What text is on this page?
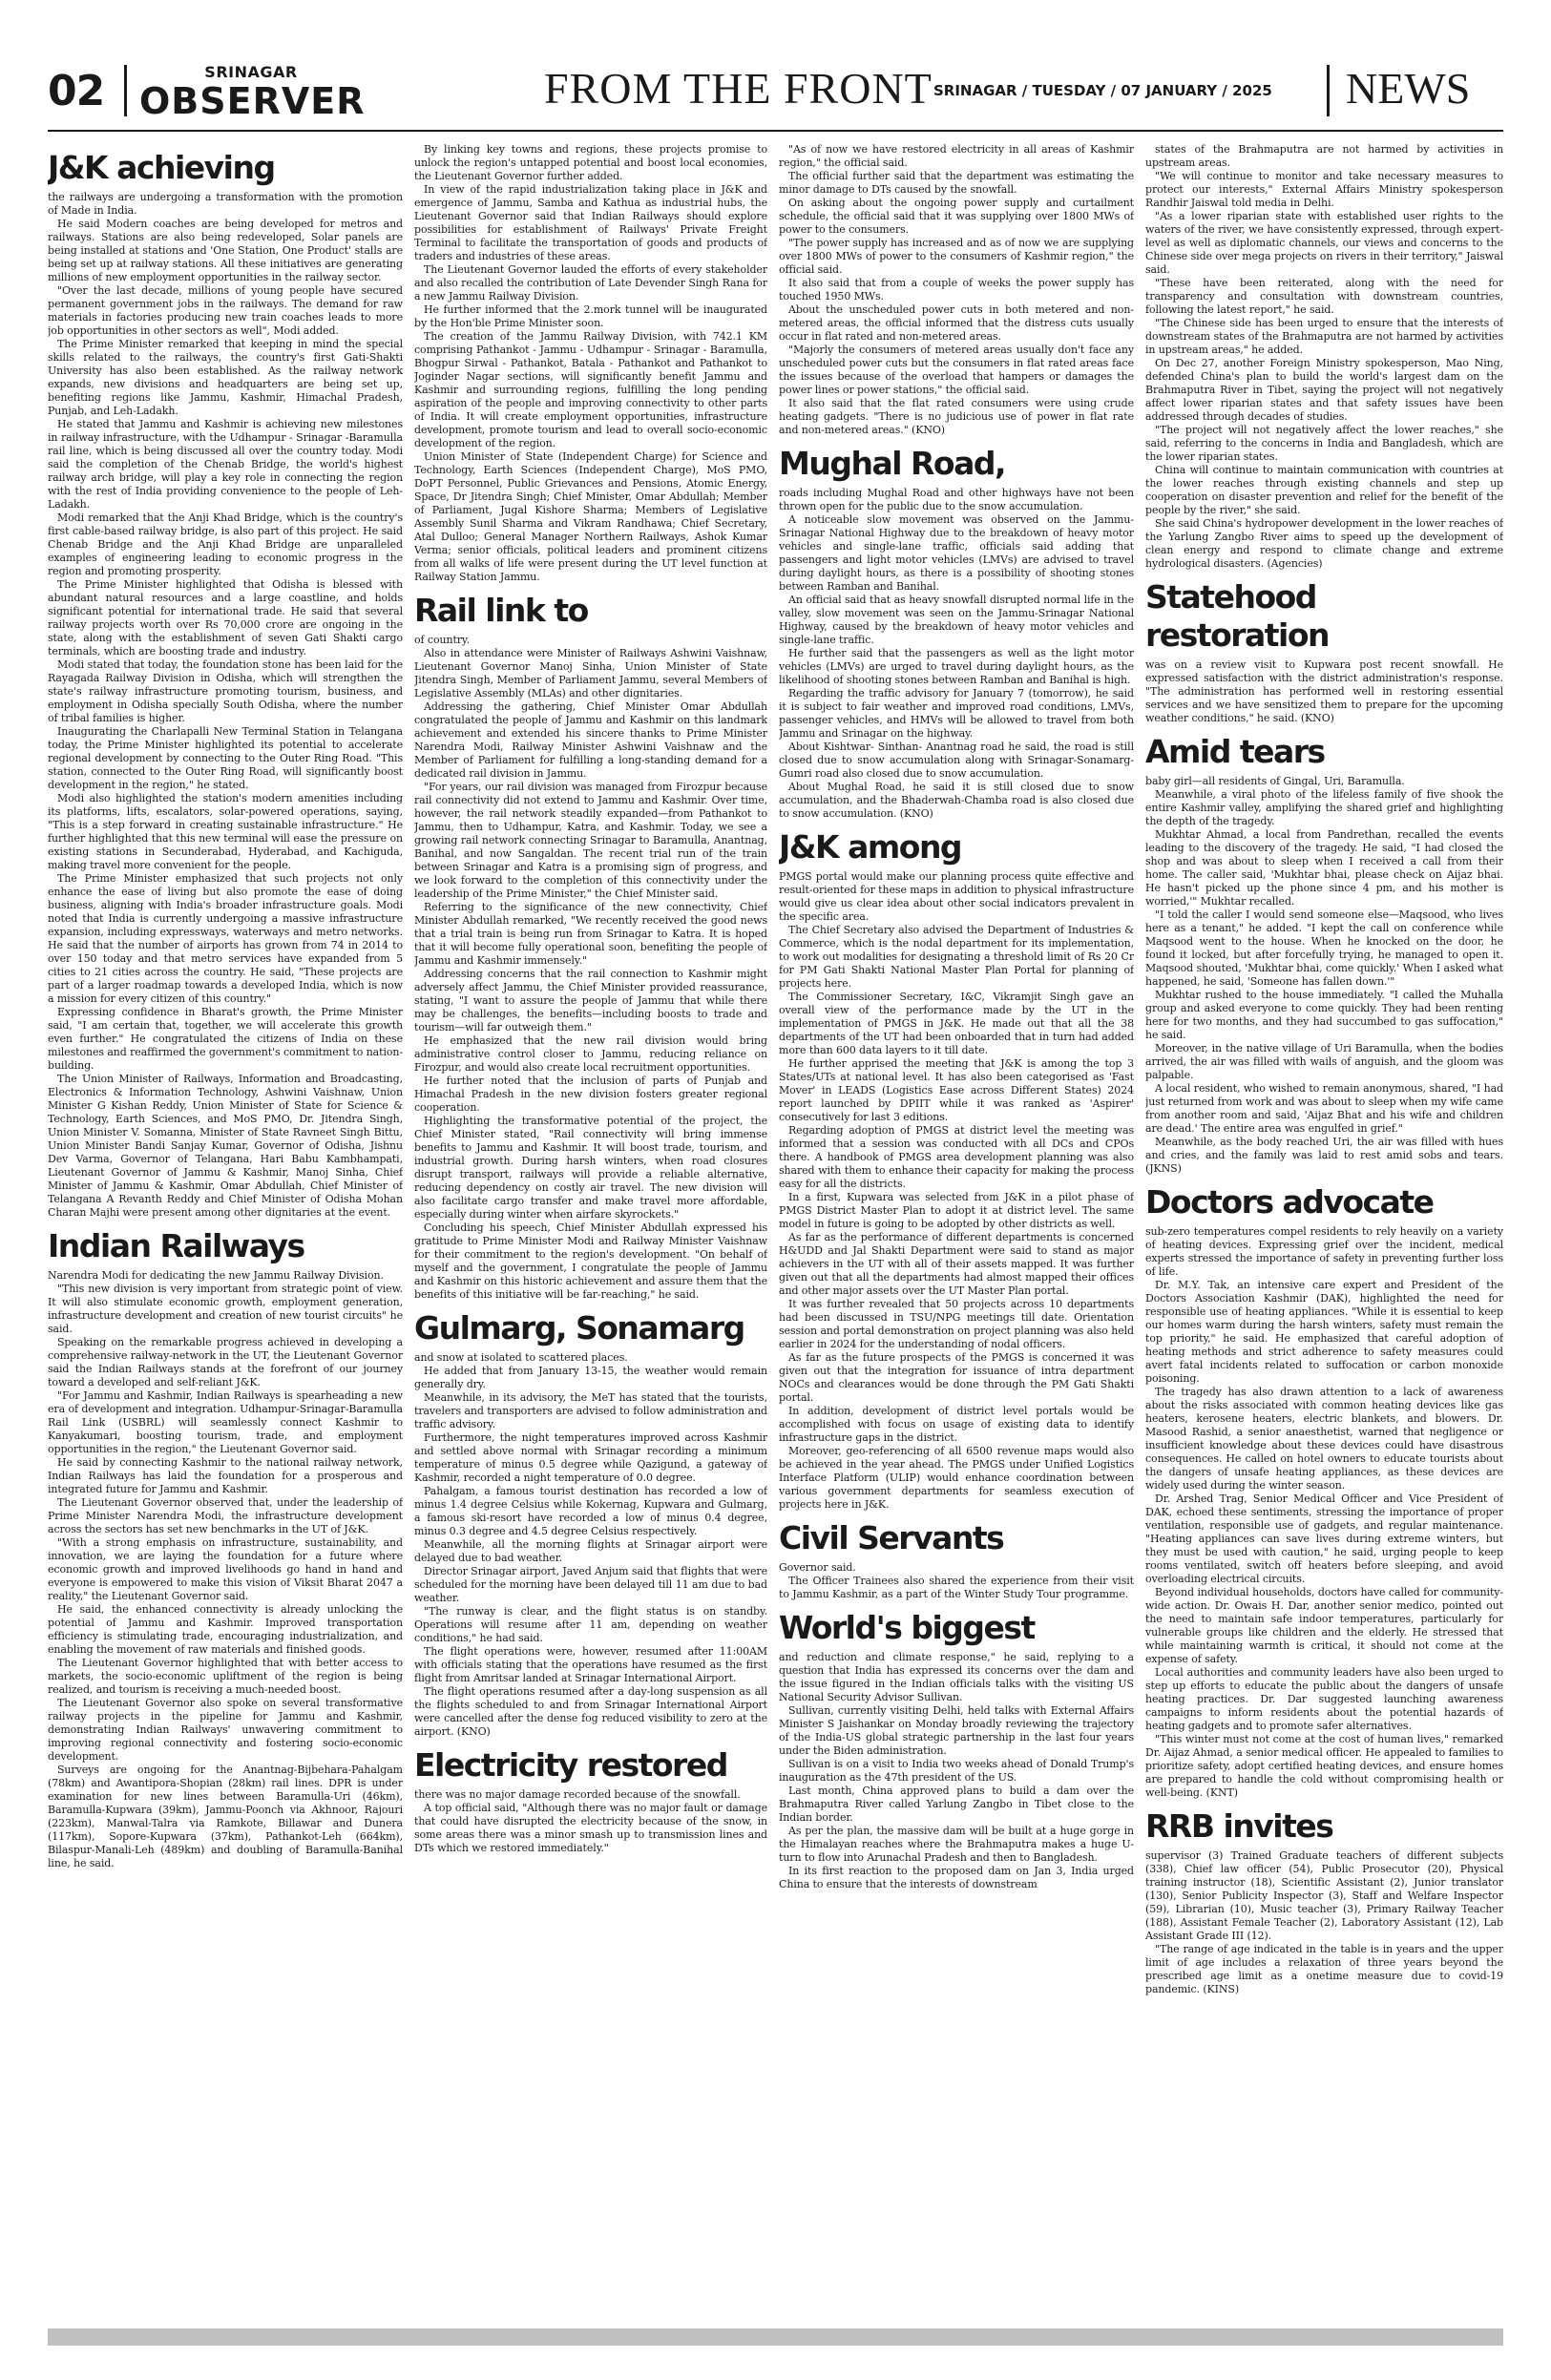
02	SRINAGAR
OBSERVER	FROM THE FRONT SRINAGAR / TUESDAY / 07 JANUARY / 2025 NEWS
J&K achieving

the railways are undergoing a transformation with the promotion of Made in India.

He said Modern coaches are being developed for metros and railways. Stations are also being redeveloped, Solar panels are being installed at stations and 'One Station, One Product' stalls are being set up at railway stations. All these initiatives are generating millions of new employment opportunities in the railway sector.

"Over the last decade, millions of young people have secured permanent government jobs in the railways. The demand for raw materials in factories producing new train coaches leads to more job opportunities in other sectors as well", Modi added.

The Prime Minister remarked that keeping in mind the special skills related to the railways, the country's first Gati-Shakti University has also been established. As the railway network expands, new divisions and headquarters are being set up, benefiting regions like Jammu, Kashmir, Himachal Pradesh, Punjab, and Leh-Ladakh.

He stated that Jammu and Kashmir is achieving new milestones in railway infrastructure, with the Udhampur - Srinagar -Baramulla rail line, which is being discussed all over the country today. Modi said the completion of the Chenab Bridge, the world's highest railway arch bridge, will play a key role in connecting the region with the rest of India providing convenience to the people of Leh-Ladakh.

Modi remarked that the Anji Khad Bridge, which is the country's first cable-based railway bridge, is also part of this project. He said Chenab Bridge and the Anji Khad Bridge are unparalleled examples of engineering leading to economic progress in the region and promoting prosperity.

The Prime Minister highlighted that Odisha is blessed with abundant natural resources and a large coastline, and holds significant potential for international trade. He said that several railway projects worth over Rs 70,000 crore are ongoing in the state, along with the establishment of seven Gati Shakti cargo terminals, which are boosting trade and industry.

Modi stated that today, the foundation stone has been laid for the Rayagada Railway Division in Odisha, which will strengthen the state's railway infrastructure promoting tourism, business, and employment in Odisha specially South Odisha, where the number of tribal families is higher.

Inaugurating the Charlapalli New Terminal Station in Telangana today, the Prime Minister highlighted its potential to accelerate regional development by connecting to the Outer Ring Road. "This station, connected to the Outer Ring Road, will significantly boost development in the region," he stated.

Modi also highlighted the station's modern amenities including its platforms, lifts, escalators, solar-powered operations, saying, "This is a step forward in creating sustainable infrastructure." He further highlighted that this new terminal will ease the pressure on existing stations in Secunderabad, Hyderabad, and Kachiguda, making travel more convenient for the people.

The Prime Minister emphasized that such projects not only enhance the ease of living but also promote the ease of doing business, aligning with India's broader infrastructure goals. Modi noted that India is currently undergoing a massive infrastructure expansion, including expressways, waterways and metro networks. He said that the number of airports has grown from 74 in 2014 to over 150 today and that metro services have expanded from 5 cities to 21 cities across the country. He said, "These projects are part of a larger roadmap towards a developed India, which is now a mission for every citizen of this country."

Expressing confidence in Bharat's growth, the Prime Minister said, "I am certain that, together, we will accelerate this growth even further." He congratulated the citizens of India on these milestones and reaffirmed the government's commitment to nation-building.

The Union Minister of Railways, Information and Broadcasting, Electronics & Information Technology, Ashwini Vaishnaw, Union Minister G Kishan Reddy, Union Minister of State for Science & Technology, Earth Sciences, and MoS PMO, Dr. Jitendra Singh, Union Minister V. Somanna, Minister of State Ravneet Singh Bittu, Union Minister Bandi Sanjay Kumar, Governor of Odisha, Jishnu Dev Varma, Governor of Telangana, Hari Babu Kambhampati, Lieutenant Governor of Jammu & Kashmir, Manoj Sinha, Chief Minister of Jammu & Kashmir, Omar Abdullah, Chief Minister of Telangana A Revanth Reddy and Chief Minister of Odisha Mohan Charan Majhi were present among other dignitaries at the event.

Indian Railways

Narendra Modi for dedicating the new Jammu Railway Division.

"This new division is very important from strategic point of view. It will also stimulate economic growth, employment generation, infrastructure development and creation of new tourist circuits" he said.

Speaking on the remarkable progress achieved in developing a comprehensive railway-network in the UT, the Lieutenant Governor said the Indian Railways stands at the forefront of our journey toward a developed and self-reliant J&K.

"For Jammu and Kashmir, Indian Railways is spearheading a new era of development and integration. Udhampur-Srinagar-Baramulla Rail Link (USBRL) will seamlessly connect Kashmir to Kanyakumari, boosting tourism, trade, and employment opportunities in the region," the Lieutenant Governor said.

He said by connecting Kashmir to the national railway network, Indian Railways has laid the foundation for a prosperous and integrated future for Jammu and Kashmir.

The Lieutenant Governor observed that, under the leadership of Prime Minister Narendra Modi, the infrastructure development across the sectors has set new benchmarks in the UT of J&K.

"With a strong emphasis on infrastructure, sustainability, and innovation, we are laying the foundation for a future where economic growth and improved livelihoods go hand in hand and everyone is empowered to make this vision of Viksit Bharat 2047 a reality," the Lieutenant Governor said.

He said, the enhanced connectivity is already unlocking the potential of Jammu and Kashmir. Improved transportation efficiency is stimulating trade, encouraging industrialization, and enabling the movement of raw materials and finished goods.

The Lieutenant Governor highlighted that with better access to markets, the socio-economic upliftment of the region is being realized, and tourism is receiving a much-needed boost.

The Lieutenant Governor also spoke on several transformative railway projects in the pipeline for Jammu and Kashmir, demonstrating Indian Railways' unwavering commitment to improving regional connectivity and fostering socio-economic development.

Surveys are ongoing for the Anantnag-Bijbehara-Pahalgam (78km) and Awantipora-Shopian (28km) rail lines. DPR is under examination for new lines between Baramulla-Uri (46km), Baramulla-Kupwara (39km), Jammu-Poonch via Akhnoor, Rajouri (223km), Manwal-Talra via Ramkote, Billawar and Dunera (117km), Sopore-Kupwara (37km), Pathankot-Leh (664km), Bilaspur-Manali-Leh (489km) and doubling of Baramulla-Banihal line, he said.

By linking key towns and regions, these projects promise to unlock the region's untapped potential and boost local economies, the Lieutenant Governor further added.

In view of the rapid industrialization taking place in J&K and emergence of Jammu, Samba and Kathua as industrial hubs, the Lieutenant Governor said that Indian Railways should explore possibilities for establishment of Railways' Private Freight Terminal to facilitate the transportation of goods and products of traders and industries of these areas.

The Lieutenant Governor lauded the efforts of every stakeholder and also recalled the contribution of Late Devender Singh Rana for a new Jammu Railway Division.

He further informed that the 2.mork tunnel will be inaugurated by the Hon'ble Prime Minister soon.

The creation of the Jammu Railway Division, with 742.1 KM comprising Pathankot - Jammu - Udhampur - Srinagar - Baramulla, Bhogpur Sirwal - Pathankot, Batala - Pathankot and Pathankot to Joginder Nagar sections, will significantly benefit Jammu and Kashmir and surrounding regions, fulfilling the long pending aspiration of the people and improving connectivity to other parts of India. It will create employment opportunities, infrastructure development, promote tourism and lead to overall socio-economic development of the region.

Union Minister of State (Independent Charge) for Science and Technology, Earth Sciences (Independent Charge), MoS PMO, DoPT Personnel, Public Grievances and Pensions, Atomic Energy, Space, Dr Jitendra Singh; Chief Minister, Omar Abdullah; Member of Parliament, Jugal Kishore Sharma; Members of Legislative Assembly Sunil Sharma and Vikram Randhawa; Chief Secretary, Atal Dulloo; General Manager Northern Railways, Ashok Kumar Verma; senior officials, political leaders and prominent citizens from all walks of life were present during the UT level function at Railway Station Jammu.

Rail link to

of country.

Also in attendance were Minister of Railways Ashwini Vaishnaw, Lieutenant Governor Manoj Sinha, Union Minister of State Jitendra Singh, Member of Parliament Jammu, several Members of Legislative Assembly (MLAs) and other dignitaries.

Addressing the gathering, Chief Minister Omar Abdullah congratulated the people of Jammu and Kashmir on this landmark achievement and extended his sincere thanks to Prime Minister Narendra Modi, Railway Minister Ashwini Vaishnaw and the Member of Parliament for fulfilling a long-standing demand for a dedicated rail division in Jammu.

"For years, our rail division was managed from Firozpur because rail connectivity did not extend to Jammu and Kashmir. Over time, however, the rail network steadily expanded—from Pathankot to Jammu, then to Udhampur, Katra, and Kashmir. Today, we see a growing rail network connecting Srinagar to Baramulla, Anantnag, Banihal, and now Sangaldan. The recent trial run of the train between Srinagar and Katra is a promising sign of progress, and we look forward to the completion of this connectivity under the leadership of the Prime Minister," the Chief Minister said.

Referring to the significance of the new connectivity, Chief Minister Abdullah remarked, "We recently received the good news that a trial train is being run from Srinagar to Katra. It is hoped that it will become fully operational soon, benefiting the people of Jammu and Kashmir immensely."

Addressing concerns that the rail connection to Kashmir might adversely affect Jammu, the Chief Minister provided reassurance, stating, "I want to assure the people of Jammu that while there may be challenges, the benefits—including boosts to trade and tourism—will far outweigh them."

He emphasized that the new rail division would bring administrative control closer to Jammu, reducing reliance on Firozpur, and would also create local recruitment opportunities.

He further noted that the inclusion of parts of Punjab and Himachal Pradesh in the new division fosters greater regional cooperation.

Highlighting the transformative potential of the project, the Chief Minister stated, "Rail connectivity will bring immense benefits to Jammu and Kashmir. It will boost trade, tourism, and industrial growth. During harsh winters, when road closures disrupt transport, railways will provide a reliable alternative, reducing dependency on costly air travel. The new division will also facilitate cargo transfer and make travel more affordable, especially during winter when airfare skyrockets."

Concluding his speech, Chief Minister Abdullah expressed his gratitude to Prime Minister Modi and Railway Minister Vaishnaw for their commitment to the region's development. "On behalf of myself and the government, I congratulate the people of Jammu and Kashmir on this historic achievement and assure them that the benefits of this initiative will be far-reaching," he said.

Gulmarg, Sonamarg

and snow at isolated to scattered places.

He added that from January 13-15, the weather would remain generally dry.

Meanwhile, in its advisory, the MeT has stated that the tourists, travelers and transporters are advised to follow administration and traffic advisory.

Furthermore, the night temperatures improved across Kashmir and settled above normal with Srinagar recording a minimum temperature of minus 0.5 degree while Qazigund, a gateway of Kashmir, recorded a night temperature of 0.0 degree.

Pahalgam, a famous tourist destination has recorded a low of minus 1.4 degree Celsius while Kokernag, Kupwara and Gulmarg, a famous ski-resort have recorded a low of minus 0.4 degree, minus 0.3 degree and 4.5 degree Celsius respectively.

Meanwhile, all the morning flights at Srinagar airport were delayed due to bad weather.

Director Srinagar airport, Javed Anjum said that flights that were scheduled for the morning have been delayed till 11 am due to bad weather.

"The runway is clear, and the flight status is on standby. Operations will resume after 11 am, depending on weather conditions," he had said.

The flight operations were, however, resumed after 11:00AM with officials stating that the operations have resumed as the first flight from Amritsar landed at Srinagar International Airport.

The flight operations resumed after a day-long suspension as all the flights scheduled to and from Srinagar International Airport were cancelled after the dense fog reduced visibility to zero at the airport. (KNO)

Electricity restored

there was no major damage recorded because of the snowfall.

A top official said, "Although there was no major fault or damage that could have disrupted the electricity because of the snow, in some areas there was a minor smash up to transmission lines and DTs which we restored immediately."

"As of now we have restored electricity in all areas of Kashmir region," the official said.

The official further said that the department was estimating the minor damage to DTs caused by the snowfall.

On asking about the ongoing power supply and curtailment schedule, the official said that it was supplying over 1800 MWs of power to the consumers.

"The power supply has increased and as of now we are supplying over 1800 MWs of power to the consumers of Kashmir region," the official said.

It also said that from a couple of weeks the power supply has touched 1950 MWs.

About the unscheduled power cuts in both metered and non-metered areas, the official informed that the distress cuts usually occur in flat rated and non-metered areas.

"Majorly the consumers of metered areas usually don't face any unscheduled power cuts but the consumers in flat rated areas face the issues because of the overload that hampers or damages the power lines or power stations," the official said.

It also said that the flat rated consumers were using crude heating gadgets. "There is no judicious use of power in flat rate and non-metered areas." (KNO)

Mughal Road,

roads including Mughal Road and other highways have not been thrown open for the public due to the snow accumulation.

A noticeable slow movement was observed on the Jammu-Srinagar National Highway due to the breakdown of heavy motor vehicles and single-lane traffic, officials said adding that passengers and light motor vehicles (LMVs) are advised to travel during daylight hours, as there is a possibility of shooting stones between Ramban and Banihal.

An official said that as heavy snowfall disrupted normal life in the valley, slow movement was seen on the Jammu-Srinagar National Highway, caused by the breakdown of heavy motor vehicles and single-lane traffic.

He further said that the passengers as well as the light motor vehicles (LMVs) are urged to travel during daylight hours, as the likelihood of shooting stones between Ramban and Banihal is high.

Regarding the traffic advisory for January 7 (tomorrow), he said it is subject to fair weather and improved road conditions, LMVs, passenger vehicles, and HMVs will be allowed to travel from both Jammu and Srinagar on the highway.

About Kishtwar- Sinthan- Anantnag road he said, the road is still closed due to snow accumulation along with Srinagar-Sonamarg-Gumri road also closed due to snow accumulation.

About Mughal Road, he said it is still closed due to snow accumulation, and the Bhaderwah-Chamba road is also closed due to snow accumulation. (KNO)

J&K among

PMGS portal would make our planning process quite effective and result-oriented for these maps in addition to physical infrastructure would give us clear idea about other social indicators prevalent in the specific area.

The Chief Secretary also advised the Department of Industries & Commerce, which is the nodal department for its implementation, to work out modalities for designating a threshold limit of Rs 20 Cr for PM Gati Shakti National Master Plan Portal for planning of projects here.

The Commissioner Secretary, I&C, Vikramjit Singh gave an overall view of the performance made by the UT in the implementation of PMGS in J&K. He made out that all the 38 departments of the UT had been onboarded that in turn had added more than 600 data layers to it till date.

He further apprised the meeting that J&K is among the top 3 States/UTs at national level. It has also been categorised as 'Fast Mover' in LEADS (Logistics Ease across Different States) 2024 report launched by DPIIT while it was ranked as 'Aspirer' consecutively for last 3 editions.

Regarding adoption of PMGS at district level the meeting was informed that a session was conducted with all DCs and CPOs there. A handbook of PMGS area development planning was also shared with them to enhance their capacity for making the process easy for all the districts.

In a first, Kupwara was selected from J&K in a pilot phase of PMGS District Master Plan to adopt it at district level. The same model in future is going to be adopted by other districts as well.

As far as the performance of different departments is concerned H&UDD and Jal Shakti Department were said to stand as major achievers in the UT with all of their assets mapped. It was further given out that all the departments had almost mapped their offices and other major assets over the UT Master Plan portal.

It was further revealed that 50 projects across 10 departments had been discussed in TSU/NPG meetings till date. Orientation session and portal demonstration on project planning was also held earlier in 2024 for the understanding of nodal officers.

As far as the future prospects of the PMGS is concerned it was given out that the integration for issuance of intra department NOCs and clearances would be done through the PM Gati Shakti portal.

In addition, development of district level portals would be accomplished with focus on usage of existing data to identify infrastructure gaps in the district.

Moreover, geo-referencing of all 6500 revenue maps would also be achieved in the year ahead. The PMGS under Unified Logistics Interface Platform (ULIP) would enhance coordination between various government departments for seamless execution of projects here in J&K.

Civil Servants

Governor said.

The Officer Trainees also shared the experience from their visit to Jammu Kashmir, as a part of the Winter Study Tour programme.

World's biggest

and reduction and climate response," he said, replying to a question that India has expressed its concerns over the dam and the issue figured in the Indian officials talks with the visiting US National Security Advisor Sullivan.

Sullivan, currently visiting Delhi, held talks with External Affairs Minister S Jaishankar on Monday broadly reviewing the trajectory of the India-US global strategic partnership in the last four years under the Biden administration.

Sullivan is on a visit to India two weeks ahead of Donald Trump's inauguration as the 47th president of the US.

Last month, China approved plans to build a dam over the Brahmaputra River called Yarlung Zangbo in Tibet close to the Indian border.

As per the plan, the massive dam will be built at a huge gorge in the Himalayan reaches where the Brahmaputra makes a huge U-turn to flow into Arunachal Pradesh and then to Bangladesh.

In its first reaction to the proposed dam on Jan 3, India urged China to ensure that the interests of downstream

states of the Brahmaputra are not harmed by activities in upstream areas.

"We will continue to monitor and take necessary measures to protect our interests," External Affairs Ministry spokesperson Randhir Jaiswal told media in Delhi.

"As a lower riparian state with established user rights to the waters of the river, we have consistently expressed, through expert-level as well as diplomatic channels, our views and concerns to the Chinese side over mega projects on rivers in their territory," Jaiswal said.

"These have been reiterated, along with the need for transparency and consultation with downstream countries, following the latest report," he said.

"The Chinese side has been urged to ensure that the interests of downstream states of the Brahmaputra are not harmed by activities in upstream areas," he added.

On Dec 27, another Foreign Ministry spokesperson, Mao Ning, defended China's plan to build the world's largest dam on the Brahmaputra River in Tibet, saying the project will not negatively affect lower riparian states and that safety issues have been addressed through decades of studies.

"The project will not negatively affect the lower reaches," she said, referring to the concerns in India and Bangladesh, which are the lower riparian states.

China will continue to maintain communication with countries at the lower reaches through existing channels and step up cooperation on disaster prevention and relief for the benefit of the people by the river," she said.

She said China's hydropower development in the lower reaches of the Yarlung Zangbo River aims to speed up the development of clean energy and respond to climate change and extreme hydrological disasters. (Agencies)

Statehood restoration

was on a review visit to Kupwara post recent snowfall. He expressed satisfaction with the district administration's response. "The administration has performed well in restoring essential services and we have sensitized them to prepare for the upcoming weather conditions," he said. (KNO)

Amid tears

baby girl—all residents of Gingal, Uri, Baramulla.

Meanwhile, a viral photo of the lifeless family of five shook the entire Kashmir valley, amplifying the shared grief and highlighting the depth of the tragedy.

Mukhtar Ahmad, a local from Pandrethan, recalled the events leading to the discovery of the tragedy. He said, "I had closed the shop and was about to sleep when I received a call from their home. The caller said, 'Mukhtar bhai, please check on Aijaz bhai. He hasn't picked up the phone since 4 pm, and his mother is worried,'" Mukhtar recalled.

"I told the caller I would send someone else—Maqsood, who lives here as a tenant," he added. "I kept the call on conference while Maqsood went to the house. When he knocked on the door, he found it locked, but after forcefully trying, he managed to open it. Maqsood shouted, 'Mukhtar bhai, come quickly.' When I asked what happened, he said, 'Someone has fallen down.'"

Mukhtar rushed to the house immediately. "I called the Muhalla group and asked everyone to come quickly. They had been renting here for two months, and they had succumbed to gas suffocation," he said.

Moreover, in the native village of Uri Baramulla, when the bodies arrived, the air was filled with wails of anguish, and the gloom was palpable.

A local resident, who wished to remain anonymous, shared, "I had just returned from work and was about to sleep when my wife came from another room and said, 'Aijaz Bhat and his wife and children are dead.' The entire area was engulfed in grief."

Meanwhile, as the body reached Uri, the air was filled with hues and cries, and the family was laid to rest amid sobs and tears. (JKNS)

Doctors advocate

sub-zero temperatures compel residents to rely heavily on a variety of heating devices. Expressing grief over the incident, medical experts stressed the importance of safety in preventing further loss of life.

Dr. M.Y. Tak, an intensive care expert and President of the Doctors Association Kashmir (DAK), highlighted the need for responsible use of heating appliances. "While it is essential to keep our homes warm during the harsh winters, safety must remain the top priority," he said. He emphasized that careful adoption of heating methods and strict adherence to safety measures could avert fatal incidents related to suffocation or carbon monoxide poisoning.

The tragedy has also drawn attention to a lack of awareness about the risks associated with common heating devices like gas heaters, kerosene heaters, electric blankets, and blowers. Dr. Masood Rashid, a senior anaesthetist, warned that negligence or insufficient knowledge about these devices could have disastrous consequences. He called on hotel owners to educate tourists about the dangers of unsafe heating appliances, as these devices are widely used during the winter season.

Dr. Arshed Trag, Senior Medical Officer and Vice President of DAK, echoed these sentiments, stressing the importance of proper ventilation, responsible use of gadgets, and regular maintenance. "Heating appliances can save lives during extreme winters, but they must be used with caution," he said, urging people to keep rooms ventilated, switch off heaters before sleeping, and avoid overloading electrical circuits.

Beyond individual households, doctors have called for community-wide action. Dr. Owais H. Dar, another senior medico, pointed out the need to maintain safe indoor temperatures, particularly for vulnerable groups like children and the elderly. He stressed that while maintaining warmth is critical, it should not come at the expense of safety.

Local authorities and community leaders have also been urged to step up efforts to educate the public about the dangers of unsafe heating practices. Dr. Dar suggested launching awareness campaigns to inform residents about the potential hazards of heating gadgets and to promote safer alternatives.

"This winter must not come at the cost of human lives," remarked Dr. Aijaz Ahmad, a senior medical officer. He appealed to families to prioritize safety, adopt certified heating devices, and ensure homes are prepared to handle the cold without compromising health or well-being. (KNT)

RRB invites

supervisor (3) Trained Graduate teachers of different subjects (338), Chief law officer (54), Public Prosecutor (20), Physical training instructor (18), Scientific Assistant (2), Junior translator (130), Senior Publicity Inspector (3), Staff and Welfare Inspector (59), Librarian (10), Music teacher (3), Primary Railway Teacher (188), Assistant Female Teacher (2), Laboratory Assistant (12), Lab Assistant Grade III (12).

"The range of age indicated in the table is in years and the upper limit of age includes a relaxation of three years beyond the prescribed age limit as a onetime measure due to covid-19 pandemic. (KINS)
